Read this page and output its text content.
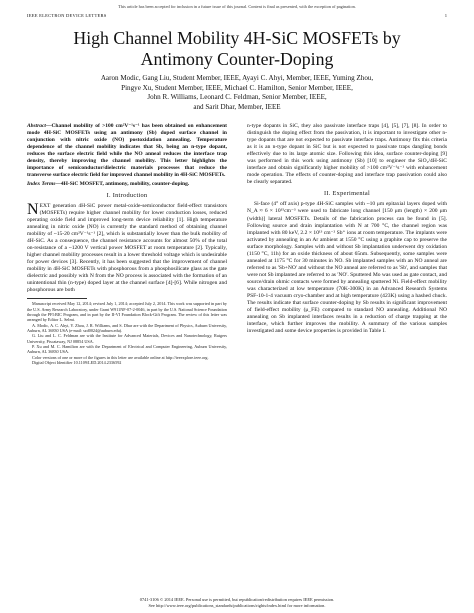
This article has been accepted for inclusion in a future issue of this journal. Content is final as presented, with the exception of pagination.
IEEE ELECTRON DEVICE LETTERS	1
High Channel Mobility 4H-SiC MOSFETs by
Antimony Counter-Doping
Aaron Modic, Gang Liu, Student Member, IEEE, Ayayi C. Ahyi, Member, IEEE, Yuming Zhou,
Pingye Xu, Student Member, IEEE, Michael C. Hamilton, Senior Member, IEEE,
John R. Williams, Leonard C. Feldman, Senior Member, IEEE,
and Sarit Dhar, Member, IEEE

Abstract—Channel mobility of >100 cm²V⁻¹s⁻¹ has been obtained on enhancement mode 4H-SiC MOSFETs using an antimony (Sb) doped surface channel in conjunction with nitric oxide (NO) postoxidation annealing. Temperature dependence of the channel mobility indicates that Sb, being an n-type dopant, reduces the surface electric field while the NO anneal reduces the interface trap density, thereby improving the channel mobility. This letter highlights the importance of semiconductor/dielectric materials processes that reduce the transverse surface electric field for improved channel mobility in 4H-SiC MOSFETs.

Index Terms—4H-SiC MOSFET, antimony, mobility, counter-doping.

I. Introduction

NEXT generation 4H-SiC power metal-oxide-semiconductor field-effect transistors (MOSFETs) require higher channel mobility for lower conduction losses, reduced operating oxide field and improved long-term device reliability [1]. High temperature annealing in nitric oxide (NO) is currently the standard method of obtaining channel mobility of ~15-20 cm²V⁻¹s⁻¹ [2], which is substantially lower than the bulk mobility of 4H-SiC. As a consequence, the channel resistance accounts for almost 50% of the total on-resistance of a ~1200 V vertical power MOSFET at room temperature [2]. Typically, higher channel mobility processes result in a lower threshold voltage which is undesirable for power devices [3]. Recently, it has been suggested that the improvement of channel mobility in 4H-SiC MOSFETs with phosphorous from a phosphosilicate glass as the gate dielectric and possibly with N from the NO process is associated with the formation of an unintentional thin (n-type) doped layer at the channel surface [4]-[6]. While nitrogen and phosphorous are both

Manuscript received May 12, 2014; revised July 1, 2014; accepted July 2, 2014. This work was supported in part by the U.S. Army Research Laboratory, under Grant W911NF-07-2-0046, in part by the U.S. National Science Foundation through the PFI:BIC Program, and in part by the II-VI Foundation Block-Gift Program. The review of this letter was arranged by Editor L. Selmi.

A. Modic, A. C. Ahyi, Y. Zhou, J. R. Williams, and S. Dhar are with the Department of Physics, Auburn University, Auburn, AL 36830 USA (e-mail: szd0024@auburn.edu).

G. Liu and L. C. Feldman are with the Institute for Advanced Materials, Devices and Nanotechnology, Rutgers University, Piscataway, NJ 08854 USA.

P. Xu and M. C. Hamilton are with the Department of Electrical and Computer Engineering, Auburn University, Auburn, AL 36830 USA.

Color versions of one or more of the figures in this letter are available online at http://ieeexplore.ieee.org.

Digital Object Identifier 10.1109/LED.2014.2336592

n-type dopants in SiC, they also passivate interface traps [4], [5], [7], [8]. In order to distinguish the doping effect from the passivation, it is important to investigate other n-type dopants that are not expected to passivate interface traps. Antimony fits this criteria as it is an n-type dopant in SiC but is not expected to passivate traps dangling bonds effectively due to its large atomic size. Following this idea, surface counter-doping [9] was performed in this work using antimony (Sb) [10] to engineer the SiO₂/4H-SiC interface and obtain significantly higher mobility of >100 cm²V⁻¹s⁻¹ with enhancement mode operation. The effects of counter-doping and interface trap passivation could also be clearly separated.

II. Experimental

Si-face (4° off axis) p-type 4H-SiC samples with ~10 μm epitaxial layers doped with N_A ≈ 6 × 10¹⁵cm⁻³ were used to fabricate long channel [150 μm (length) × 200 μm (width)] lateral MOSFETs. Details of the fabrication process can be found in [5]. Following source and drain implantation with N at 700 °C, the channel region was implanted with 80 keV, 2.2 × 10¹³ cm⁻² Sb⁺ ions at room temperature. The implants were activated by annealing in an Ar ambient at 1550 °C using a graphite cap to preserve the surface morphology. Samples with and without Sb implantation underwent dry oxidation (1150 °C, 11h) for an oxide thickness of about 65nm. Subsequently, some samples were annealed at 1175 °C for 30 minutes in NO. Sb implanted samples with an NO anneal are referred to as 'Sb+NO' and without the NO anneal are referred to as 'Sb', and samples that were not Sb implanted are referred to as 'NO'. Sputtered Mo was used as gate contact, and source/drain ohmic contacts were formed by annealing sputtered Ni. Field-effect mobility was characterized at low temperature (70K-300K) in an Advanced Research Systems PSF-10-1-4 vacuum cryo-chamber and at high temperature (423K) using a hashed chuck. The results indicate that surface counter-doping by Sb results in significant improvement of field-effect mobility (μ_FE) compared to standard NO annealing. Additional NO annealing on Sb implanted interfaces results in a reduction of charge trapping at the interface, which further improves the mobility. A summary of the various samples investigated and some device properties is provided in Table I.

0741-3106 © 2014 IEEE. Personal use is permitted, but republication/redistribution requires IEEE permission.
See http://www.ieee.org/publications_standards/publications/rights/index.html for more information.
